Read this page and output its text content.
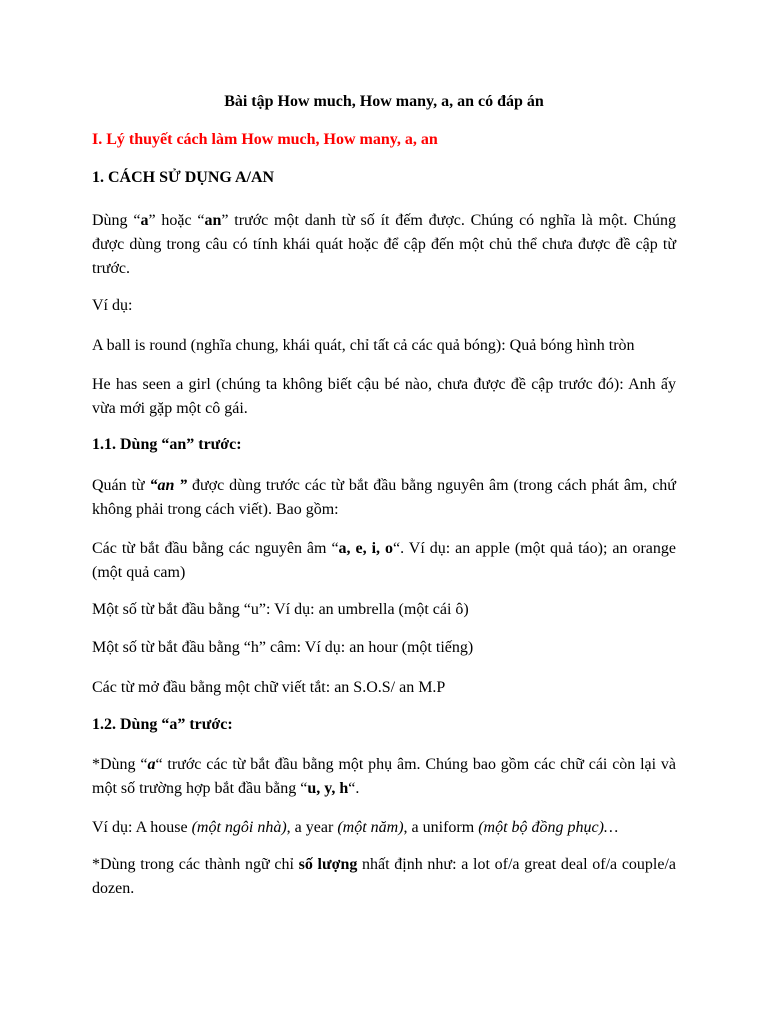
Bài tập How much, How many, a, an có đáp án
I. Lý thuyết cách làm How much, How many, a, an
1. CÁCH SỬ DỤNG A/AN
Dùng “a” hoặc “an” trước một danh từ số ít đếm được. Chúng có nghĩa là một. Chúng được dùng trong câu có tính khái quát hoặc để cập đến một chủ thể chưa được đề cập từ trước.
Ví dụ:
A ball is round (nghĩa chung, khái quát, chỉ tất cả các quả bóng): Quả bóng hình tròn
He has seen a girl (chúng ta không biết cậu bé nào, chưa được đề cập trước đó): Anh ấy vừa mới gặp một cô gái.
1.1. Dùng “an” trước:
Quán từ “an ” được dùng trước các từ bắt đầu bằng nguyên âm (trong cách phát âm, chứ không phải trong cách viết). Bao gồm:
Các từ bắt đầu bằng các nguyên âm “a, e, i, o“. Ví dụ: an apple (một quả táo); an orange (một quả cam)
Một số từ bắt đầu bằng “u”: Ví dụ: an umbrella (một cái ô)
Một số từ bắt đầu bằng “h” câm: Ví dụ: an hour (một tiếng)
Các từ mở đầu bằng một chữ viết tắt: an S.O.S/ an M.P
1.2. Dùng “a” trước:
*Dùng “a“ trước các từ bắt đầu bằng một phụ âm. Chúng bao gồm các chữ cái còn lại và một số trường hợp bắt đầu bằng “u, y, h“.
Ví dụ: A house (một ngôi nhà), a year (một năm), a uniform (một bộ đồng phục)…
*Dùng trong các thành ngữ chỉ số lượng nhất định như: a lot of/a great deal of/a couple/a dozen.
